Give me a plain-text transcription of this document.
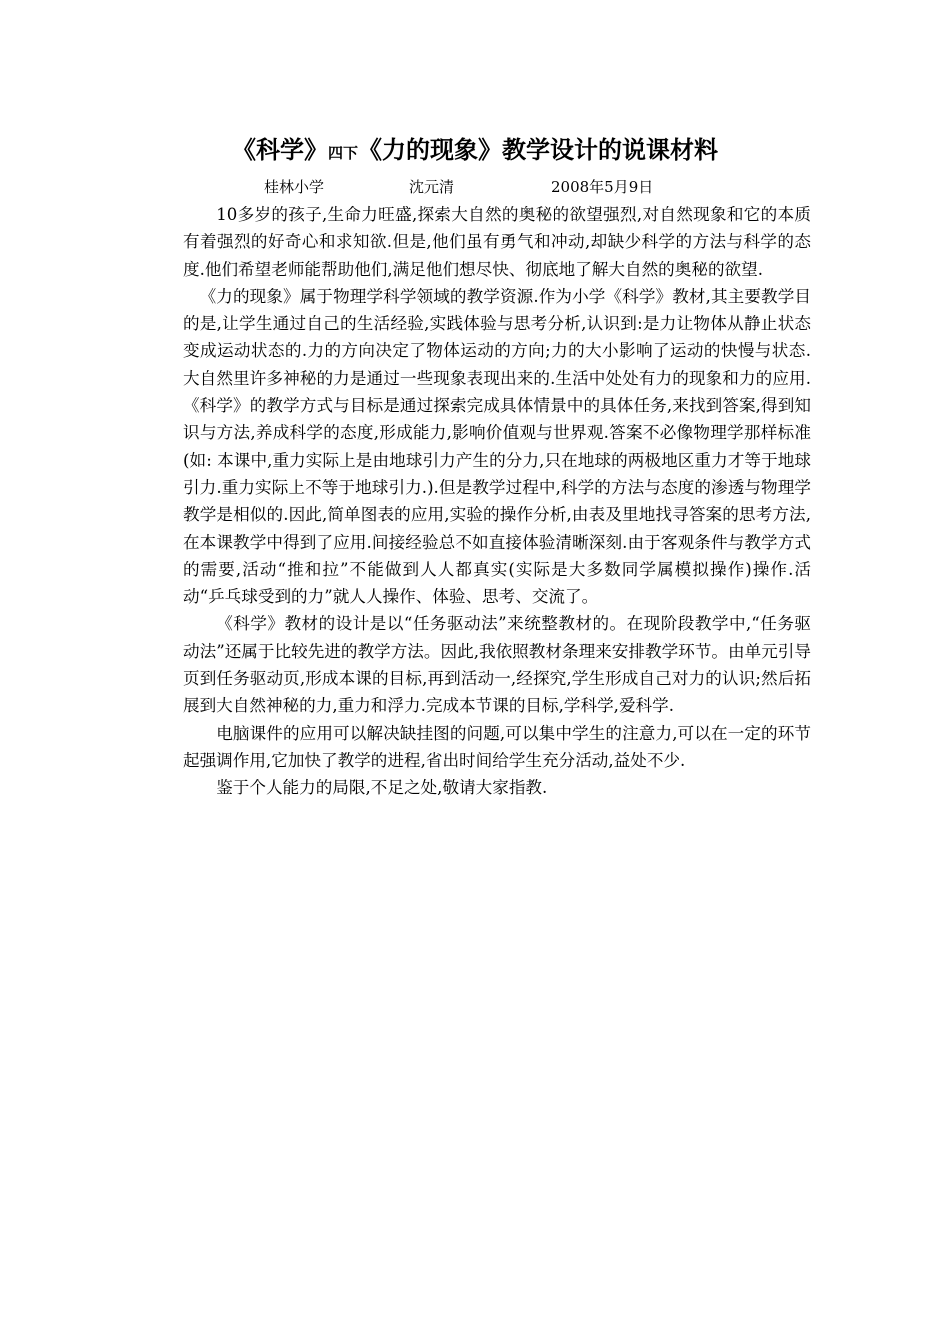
《科学》四下《力的现象》教学设计的说课材料
桂林小学	沈元清	2008年5月9日

10多岁的孩子,生命力旺盛,探索大自然的奥秘的欲望强烈,对自然现象和它的本质有着强烈的好奇心和求知欲.但是,他们虽有勇气和冲动,却缺少科学的方法与科学的态度.他们希望老师能帮助他们,满足他们想尽快、彻底地了解大自然的奥秘的欲望.

《力的现象》属于物理学科学领域的教学资源.作为小学《科学》教材,其主要教学目的是,让学生通过自己的生活经验,实践体验与思考分析,认识到:是力让物体从静止状态变成运动状态的.力的方向决定了物体运动的方向;力的大小影响了运动的快慢与状态.大自然里许多神秘的力是通过一些现象表现出来的.生活中处处有力的现象和力的应用.《科学》的教学方式与目标是通过探索完成具体情景中的具体任务,来找到答案,得到知识与方法,养成科学的态度,形成能力,影响价值观与世界观.答案不必像物理学那样标准(如: 本课中,重力实际上是由地球引力产生的分力,只在地球的两极地区重力才等于地球引力.重力实际上不等于地球引力.).但是教学过程中,科学的方法与态度的渗透与物理学教学是相似的.因此,简单图表的应用,实验的操作分析,由表及里地找寻答案的思考方法,在本课教学中得到了应用.间接经验总不如直接体验清晰深刻.由于客观条件与教学方式的需要,活动“推和拉”不能做到人人都真实(实际是大多数同学属模拟操作)操作.活动“乒乓球受到的力”就人人操作、体验、思考、交流了。

《科学》教材的设计是以“任务驱动法”来统整教材的。在现阶段教学中,“任务驱动法”还属于比较先进的教学方法。因此,我依照教材条理来安排教学环节。由单元引导页到任务驱动页,形成本课的目标,再到活动一,经探究,学生形成自己对力的认识;然后拓展到大自然神秘的力,重力和浮力.完成本节课的目标,学科学,爱科学.

电脑课件的应用可以解决缺挂图的问题,可以集中学生的注意力,可以在一定的环节起强调作用,它加快了教学的进程,省出时间给学生充分活动,益处不少.

鉴于个人能力的局限,不足之处,敬请大家指教.
